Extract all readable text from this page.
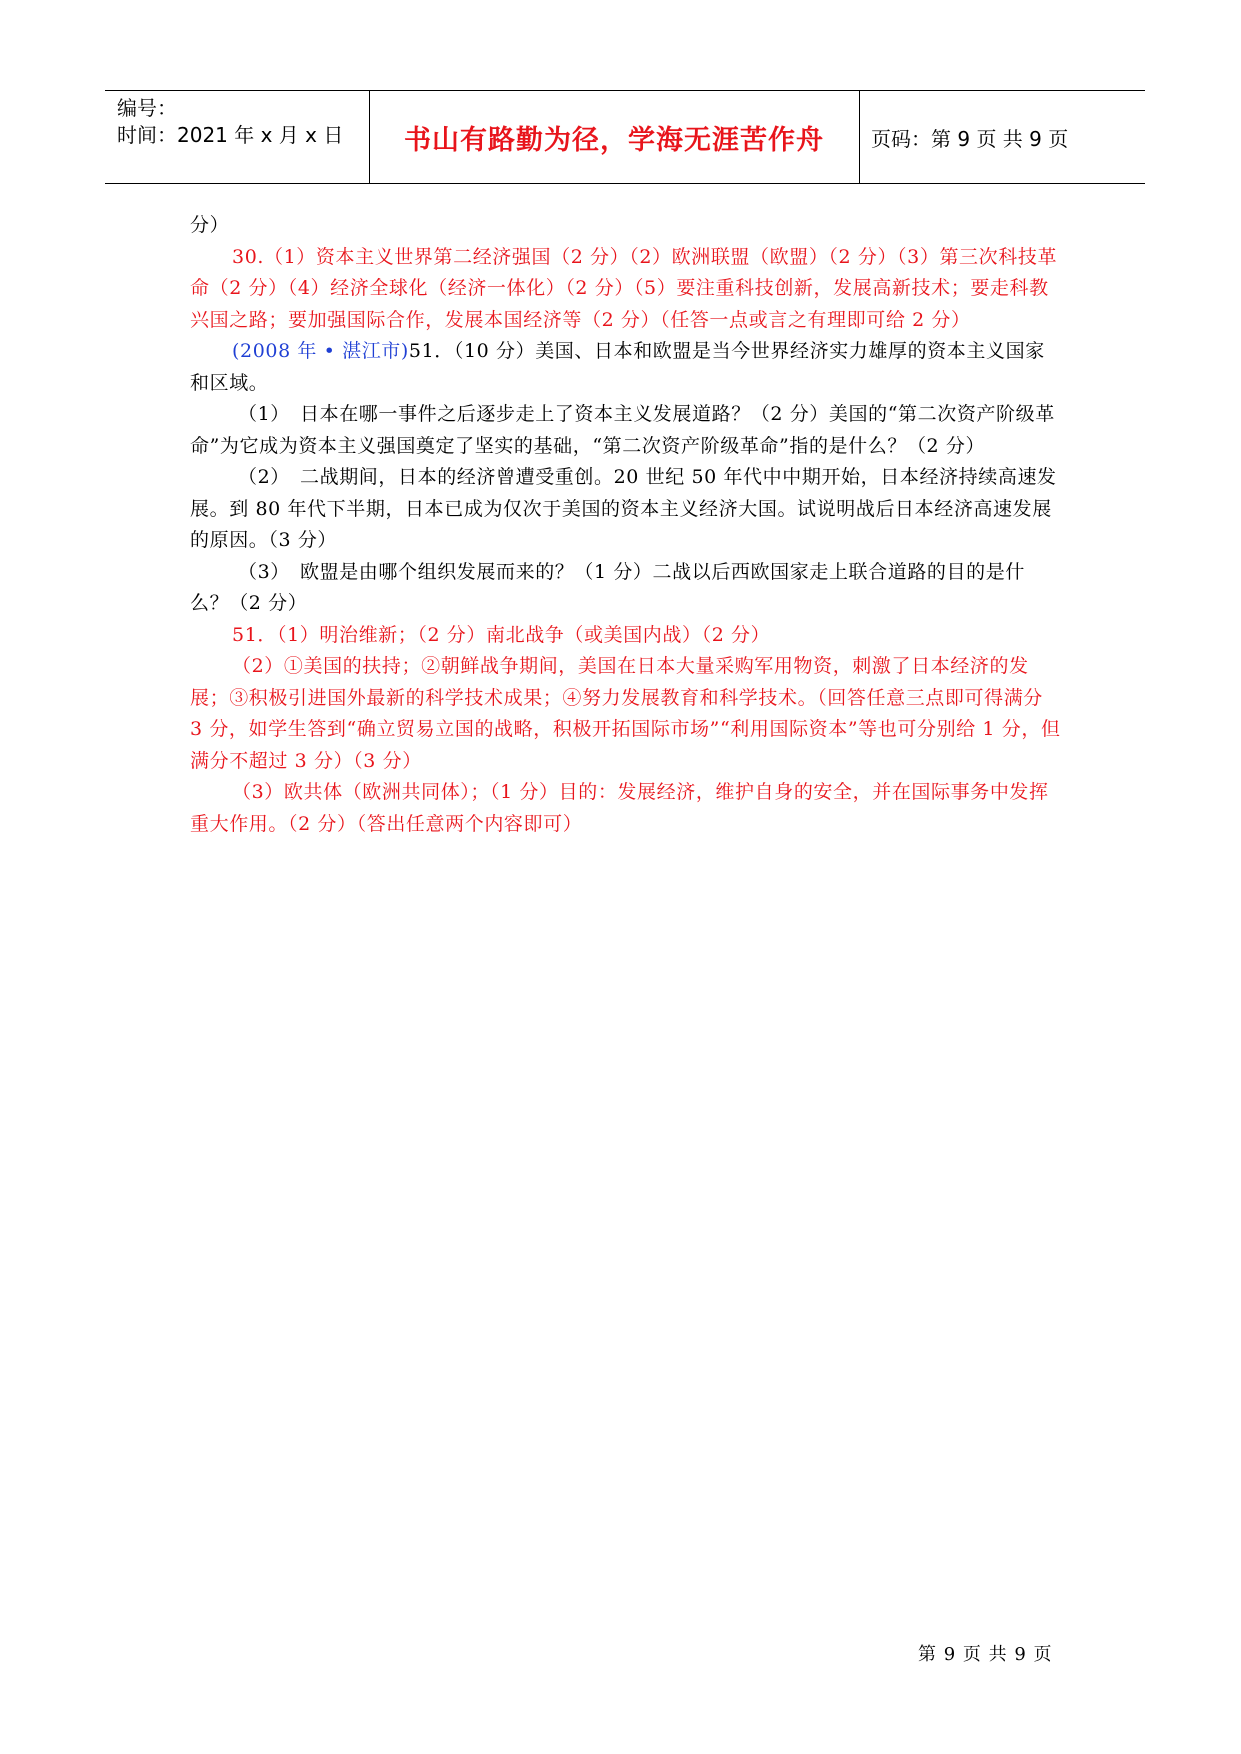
编号：
时间：2021 年 x 月 x 日	书山有路勤为径，学海无涯苦作舟	页码：第 9 页 共 9 页

分）

30.（1）资本主义世界第二经济强国（2 分）（2）欧洲联盟（欧盟）（2 分）（3）第三次科技革命（2 分）（4）经济全球化（经济一体化）（2 分）（5）要注重科技创新，发展高新技术；要走科教兴国之路；要加强国际合作，发展本国经济等（2 分）（任答一点或言之有理即可给 2 分）

(2008 年 • 湛江市)51．（10 分）美国、日本和欧盟是当今世界经济实力雄厚的资本主义国家和区域。

（1）　日本在哪一事件之后逐步走上了资本主义发展道路？（2 分）美国的“第二次资产阶级革命”为它成为资本主义强国奠定了坚实的基础，“第二次资产阶级革命”指的是什么？（2 分）

（2）　二战期间，日本的经济曾遭受重创。20 世纪 50 年代中中期开始，日本经济持续高速发展。到 80 年代下半期，日本已成为仅次于美国的资本主义经济大国。试说明战后日本经济高速发展的原因。（3 分）

（3）　欧盟是由哪个组织发展而来的？（1 分）二战以后西欧国家走上联合道路的目的是什么？（2 分）

51．（1）明治维新；（2 分）南北战争（或美国内战）（2 分）

（2）①美国的扶持；②朝鲜战争期间，美国在日本大量采购军用物资，刺激了日本经济的发展；③积极引进国外最新的科学技术成果；④努力发展教育和科学技术。（回答任意三点即可得满分 3 分，如学生答到“确立贸易立国的战略，积极开拓国际市场”“利用国际资本”等也可分别给 1 分，但满分不超过 3 分）（3 分）

（3）欧共体（欧洲共同体）；（1 分）目的：发展经济，维护自身的安全，并在国际事务中发挥重大作用。（2 分）（答出任意两个内容即可）

第 9 页 共 9 页
